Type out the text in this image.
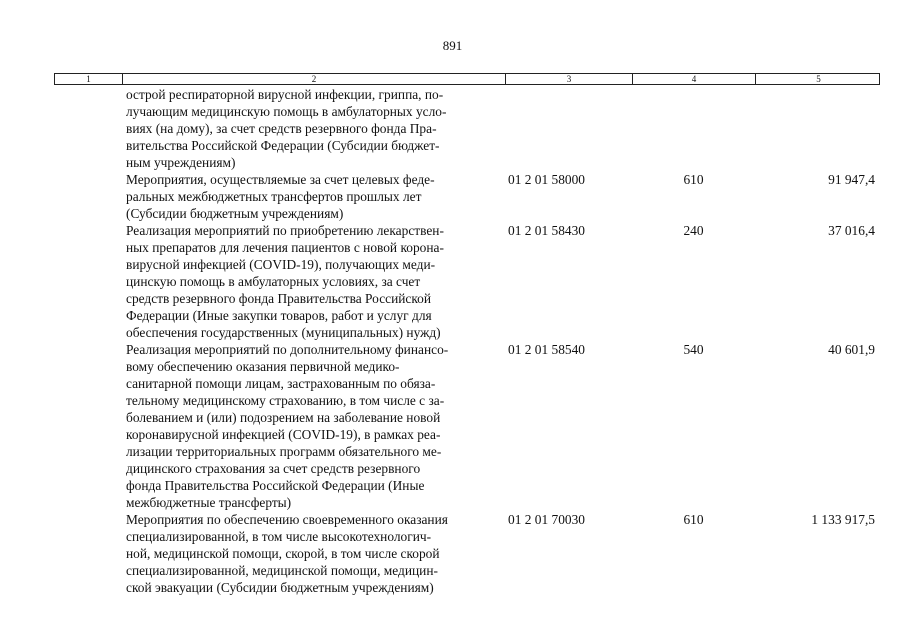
891
1	2	3	4	5
острой респираторной вирусной инфекции, гриппа, по-
лучающим медицинскую помощь в амбулаторных усло-
виях (на дому), за счет средств резервного фонда Пра-
вительства Российской Федерации (Субсидии бюджет-
ным учреждениям)
Мероприятия, осуществляемые за счет целевых феде-
ральных межбюджетных трансфертов прошлых лет
(Субсидии бюджетным учреждениям)
01 2 01 58000	610	91 947,4
Реализация мероприятий по приобретению лекарствен-
ных препаратов для лечения пациентов с новой корона-
вирусной инфекцией (COVID-19), получающих меди-
цинскую помощь в амбулаторных условиях, за счет
средств резервного фонда Правительства Российской
Федерации (Иные закупки товаров, работ и услуг для
обеспечения государственных (муниципальных) нужд)
01 2 01 58430	240	37 016,4
Реализация мероприятий по дополнительному финансо-
вому обеспечению оказания первичной медико-
санитарной помощи лицам, застрахованным по обяза-
тельному медицинскому страхованию, в том числе с за-
болеванием и (или) подозрением на заболевание новой
коронавирусной инфекцией (COVID-19), в рамках реа-
лизации территориальных программ обязательного ме-
дицинского страхования за счет средств резервного
фонда Правительства Российской Федерации (Иные
межбюджетные трансферты)
01 2 01 58540	540	40 601,9
Мероприятия по обеспечению своевременного оказания
специализированной, в том числе высокотехнологич-
ной, медицинской помощи, скорой, в том числе скорой
специализированной, медицинской помощи, медицин-
ской эвакуации (Субсидии бюджетным учреждениям)
01 2 01 70030	610	1 133 917,5
